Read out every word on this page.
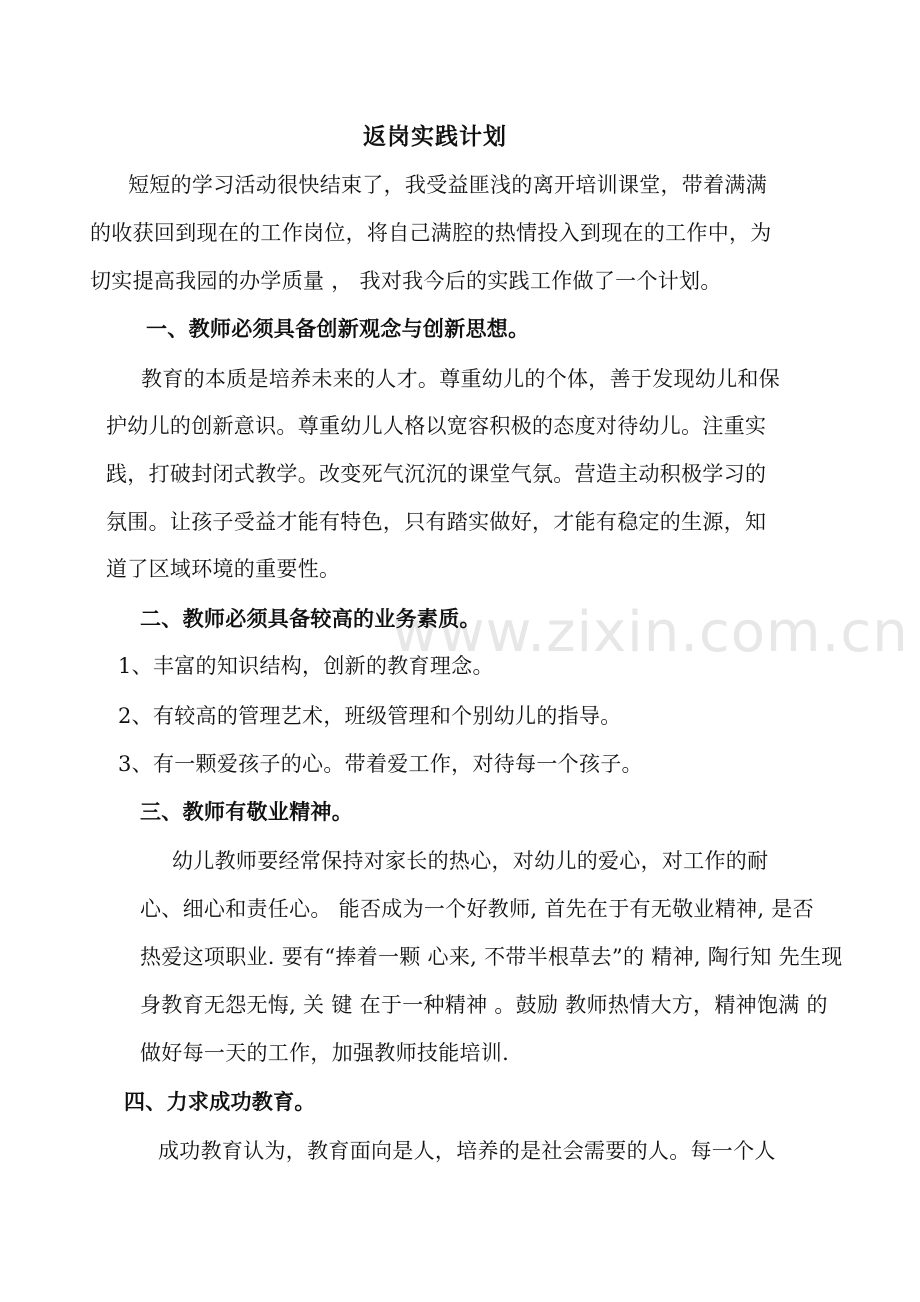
www.zixin.com.cn
返岗实践计划
短短的学习活动很快结束了，我受益匪浅的离开培训课堂，带着满满
的收获回到现在的工作岗位，将自己满腔的热情投入到现在的工作中，为
切实提高我园的办学质量 ， 我对我今后的实践工作做了一个计划。
一、教师必须具备创新观念与创新思想。
教育的本质是培养未来的人才。尊重幼儿的个体，善于发现幼儿和保
护幼儿的创新意识。尊重幼儿人格以宽容积极的态度对待幼儿。注重实
践，打破封闭式教学。改变死气沉沉的课堂气氛。营造主动积极学习的
氛围。让孩子受益才能有特色，只有踏实做好，才能有稳定的生源，知
道了区域环境的重要性。
二、教师必须具备较高的业务素质。
1、丰富的知识结构，创新的教育理念。
2、有较高的管理艺术，班级管理和个别幼儿的指导。
3、有一颗爱孩子的心。带着爱工作，对待每一个孩子。
三、教师有敬业精神。
幼儿教师要经常保持对家长的热心，对幼儿的爱心，对工作的耐
心、细心和责任心。 能否成为一个好教师, 首先在于有无敬业精神, 是否
热爱这项职业. 要有“捧着一颗 心来, 不带半根草去”的 精神, 陶行知 先生现
身教育无怨无悔, 关 键 在于一种精神 。鼓励 教师热情大方，精神饱满 的
做好每一天的工作，加强教师技能培训.
四、力求成功教育。
成功教育认为，教育面向是人，培养的是社会需要的人。每一个人
